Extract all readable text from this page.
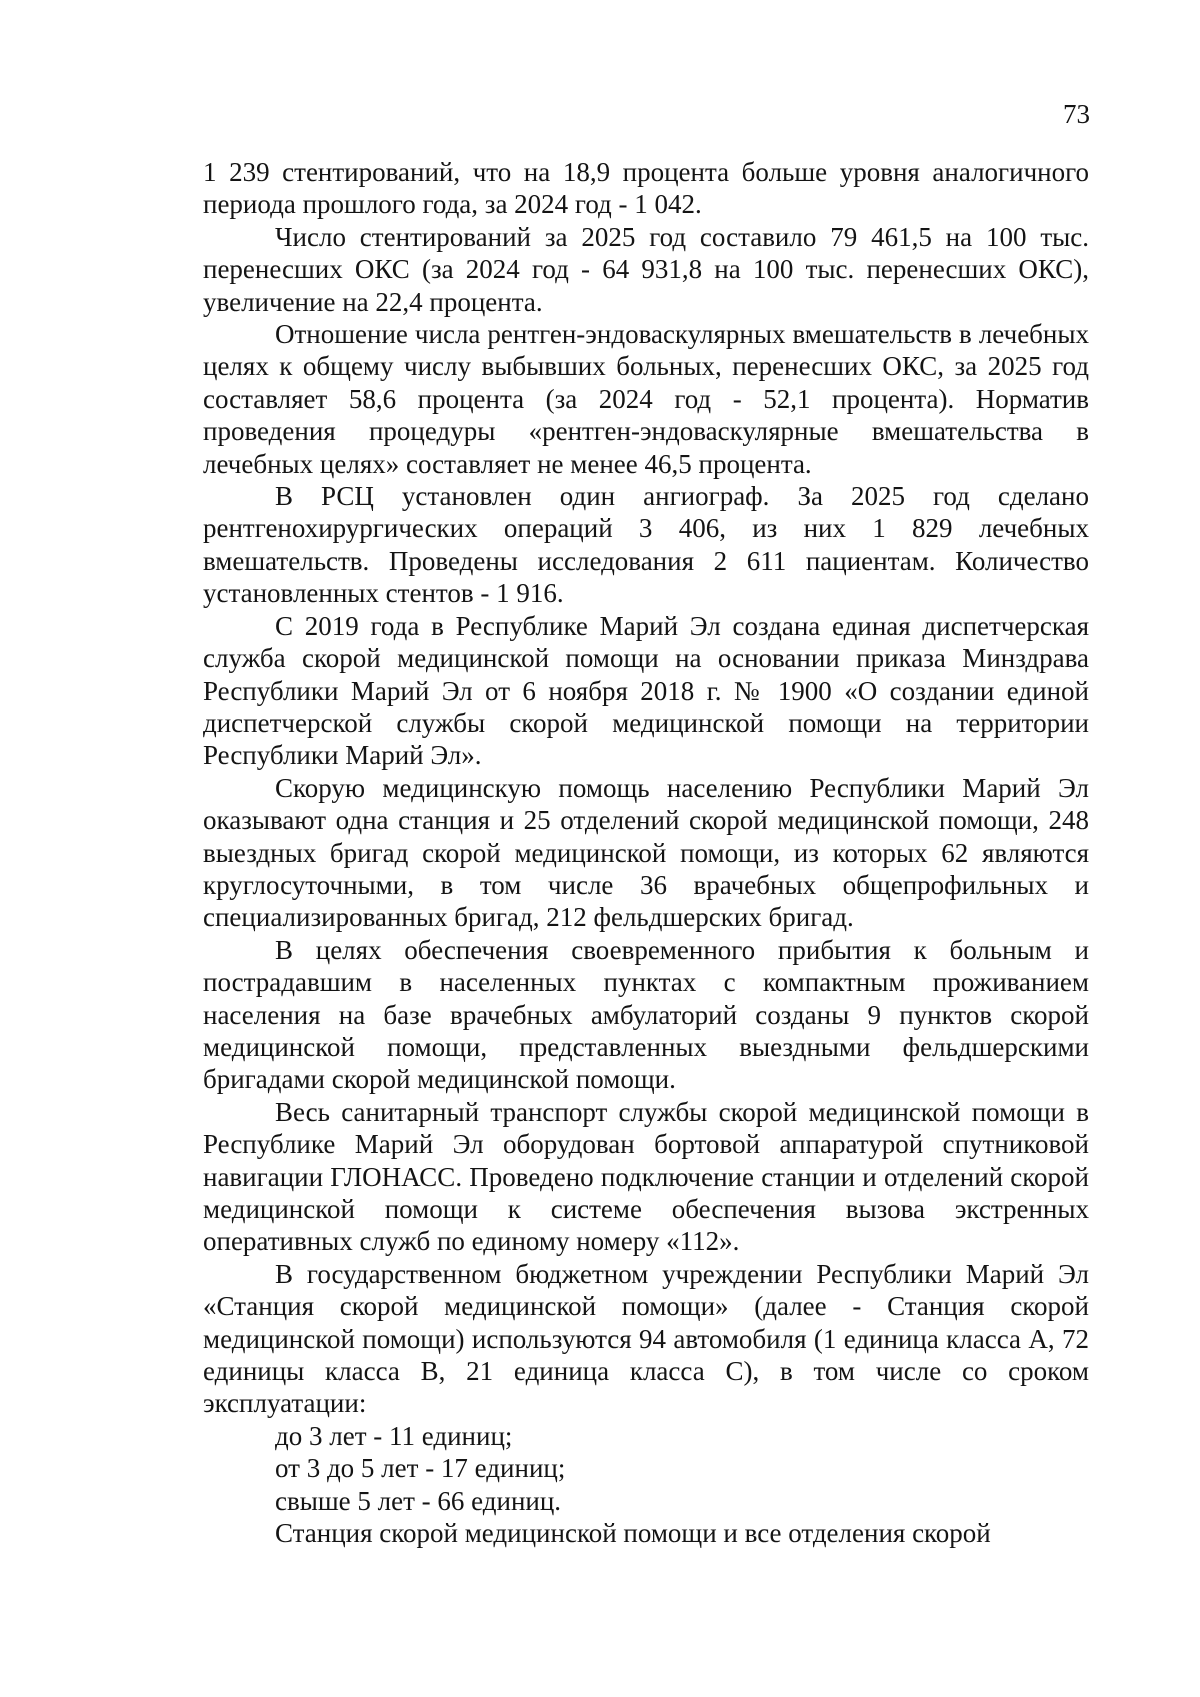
73

1 239 стентирований, что на 18,9 процента больше уровня аналогичного периода прошлого года, за 2024 год - 1 042.

Число стентирований за 2025 год составило 79 461,5 на 100 тыс. перенесших ОКС (за 2024 год - 64 931,8 на 100 тыс. перенесших ОКС), увеличение на 22,4 процента.

Отношение числа рентген-эндоваскулярных вмешательств в лечебных целях к общему числу выбывших больных, перенесших ОКС, за 2025 год составляет 58,6 процента (за 2024 год - 52,1 процента). Норматив проведения процедуры «рентген-эндоваскулярные вмешательства в лечебных целях» составляет не менее 46,5 процента.

В РСЦ установлен один ангиограф. За 2025 год сделано рентгенохирургических операций 3 406, из них 1 829 лечебных вмешательств. Проведены исследования 2 611 пациентам. Количество установленных стентов - 1 916.

С 2019 года в Республике Марий Эл создана единая диспетчерская служба скорой медицинской помощи на основании приказа Минздрава Республики Марий Эл от 6 ноября 2018 г. № 1900 «О создании единой диспетчерской службы скорой медицинской помощи на территории Республики Марий Эл».

Скорую медицинскую помощь населению Республики Марий Эл оказывают одна станция и 25 отделений скорой медицинской помощи, 248 выездных бригад скорой медицинской помощи, из которых 62 являются круглосуточными, в том числе 36 врачебных общепрофильных и специализированных бригад, 212 фельдшерских бригад.

В целях обеспечения своевременного прибытия к больным и пострадавшим в населенных пунктах с компактным проживанием населения на базе врачебных амбулаторий созданы 9 пунктов скорой медицинской помощи, представленных выездными фельдшерскими бригадами скорой медицинской помощи.

Весь санитарный транспорт службы скорой медицинской помощи в Республике Марий Эл оборудован бортовой аппаратурой спутниковой навигации ГЛОНАСС. Проведено подключение станции и отделений скорой медицинской помощи к системе обеспечения вызова экстренных оперативных служб по единому номеру «112».

В государственном бюджетном учреждении Республики Марий Эл «Станция скорой медицинской помощи» (далее - Станция скорой медицинской помощи) используются 94 автомобиля (1 единица класса А, 72 единицы класса В, 21 единица класса С), в том числе со сроком эксплуатации:

до 3 лет - 11 единиц;

от 3 до 5 лет - 17 единиц;

свыше 5 лет - 66 единиц.

Станция скорой медицинской помощи и все отделения скорой
